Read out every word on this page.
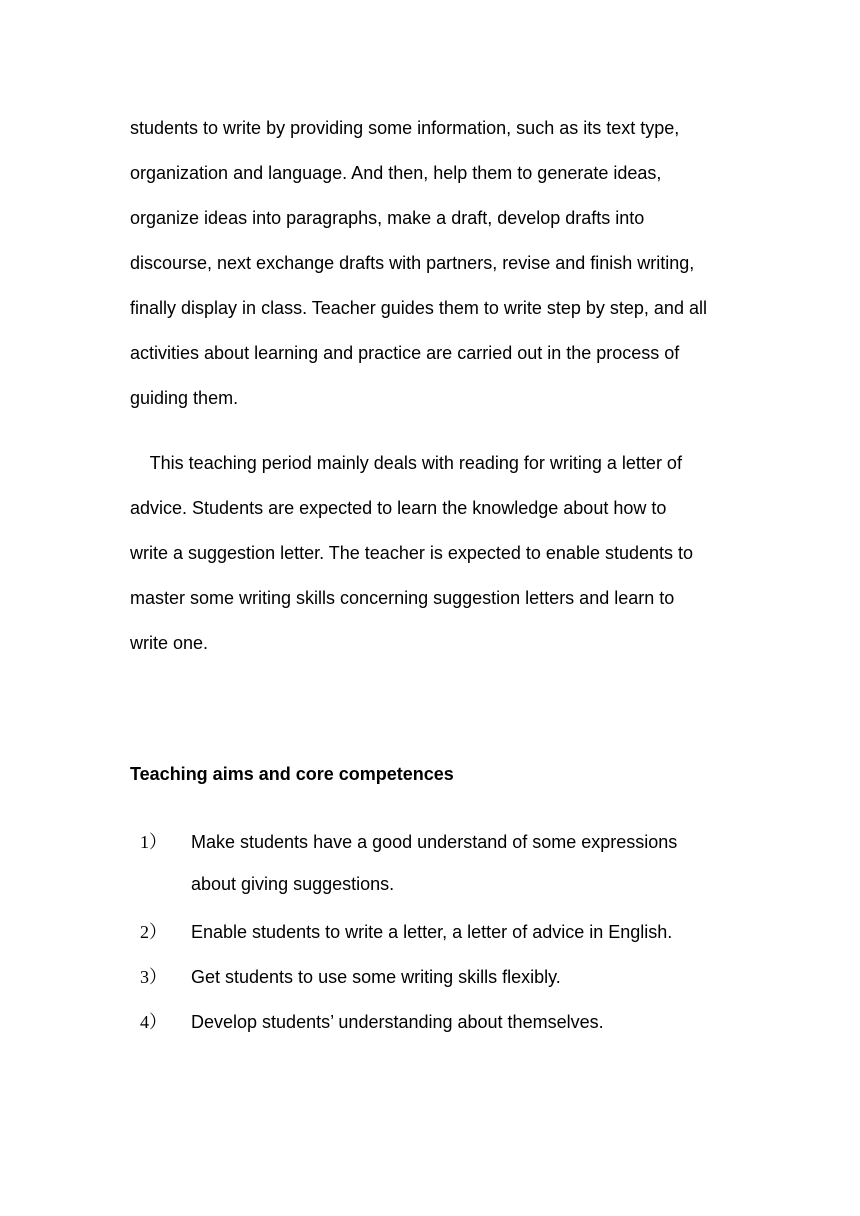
students to write by providing some information, such as its text type,
organization and language. And then, help them to generate ideas,
organize ideas into paragraphs, make a draft, develop drafts into
discourse, next exchange drafts with partners, revise and finish writing,
finally display in class. Teacher guides them to write step by step, and all
activities about learning and practice are carried out in the process of
guiding them.
This teaching period mainly deals with reading for writing a letter of
advice. Students are expected to learn the knowledge about how to
write a suggestion letter. The teacher is expected to enable students to
master some writing skills concerning suggestion letters and learn to
write one.
Teaching aims and core competences
1） Make students have a good understand of some expressions
about giving suggestions.
2） Enable students to write a letter, a letter of advice in English.
3） Get students to use some writing skills flexibly.
4） Develop students’ understanding about themselves.
